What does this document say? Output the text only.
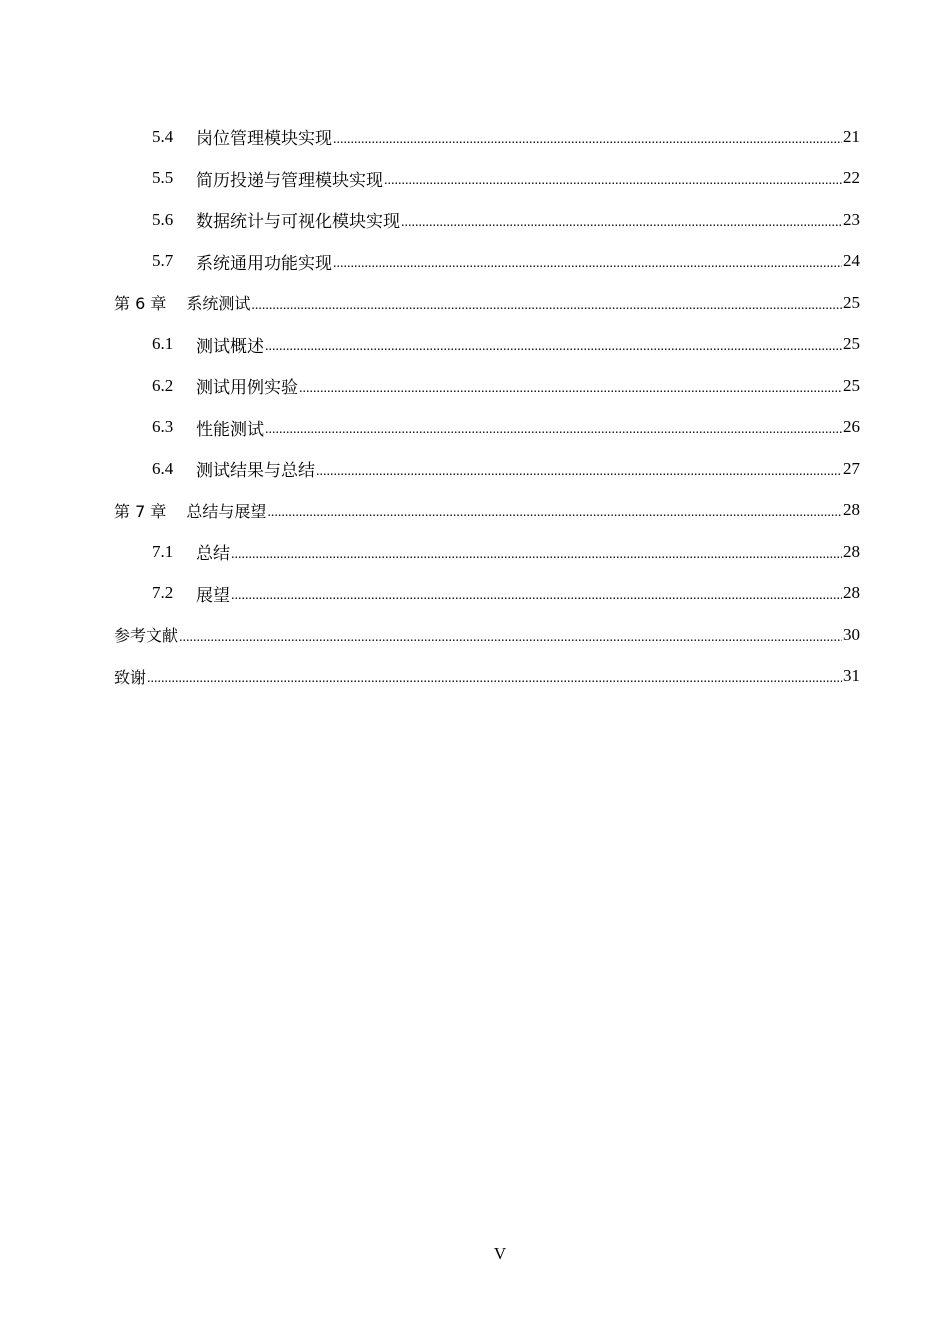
5.4	岗位管理模块实现 .....	21
5.5	简历投递与管理模块实现 .....	22
5.6	数据统计与可视化模块实现 .....	23
5.7	系统通用功能实现 .....	24
第 6 章 系统测试 .....	25
6.1	测试概述 .....	25
6.2	测试用例实验 .....	25
6.3	性能测试 .....	26
6.4	测试结果与总结 .....	27
第 7 章 总结与展望 .....	28
7.1	总结 .....	28
7.2	展望 .....	28
参考文献 .....	30
致谢 .....	31
V
